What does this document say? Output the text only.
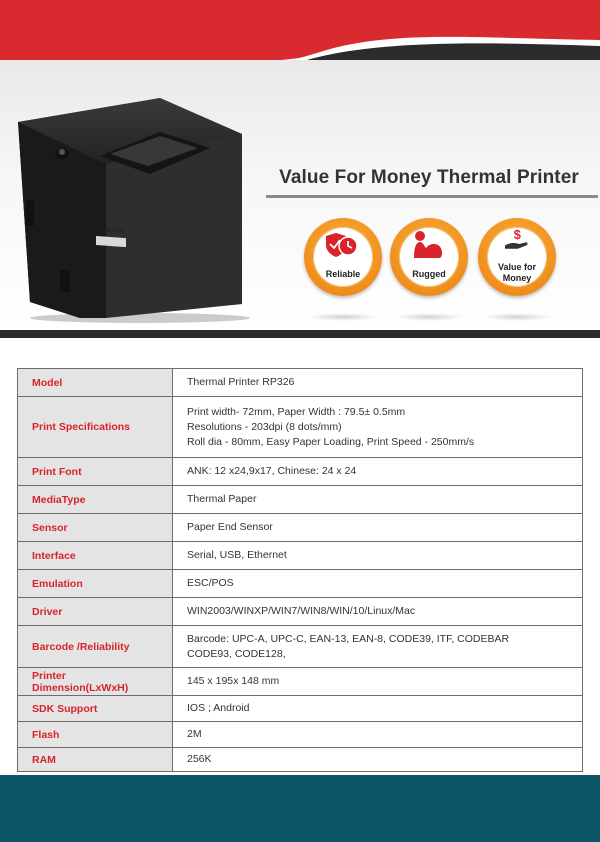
RUGTEK
Value For Money Thermal Printer
Reliable	Rugged
$
Value for
Money
Model	Thermal Printer RP326
Print Specifications	Print width- 72mm, Paper Width : 79.5± 0.5mm
Resolutions - 203dpi (8 dots/mm)
Roll dia - 80mm, Easy Paper Loading, Print Speed - 250mm/s

Print Font	ANK: 12 x24,9x17, Chinese: 24 x 24
MediaType	Thermal Paper
Sensor	Paper End Sensor
Interface	Serial, USB, Ethernet
Emulation	ESC/POS
Driver	WIN2003/WINXP/WIN7/WIN8/WIN/10/Linux/Mac
Barcode /Reliability	Barcode: UPC-A, UPC-C, EAN-13, EAN-8, CODE39, ITF, CODEBAR
CODE93, CODE128,

Printer Dimension(LxWxH)	145 x 195x 148 mm
SDK Support	IOS ; Android
Flash	2M
RAM	256K
